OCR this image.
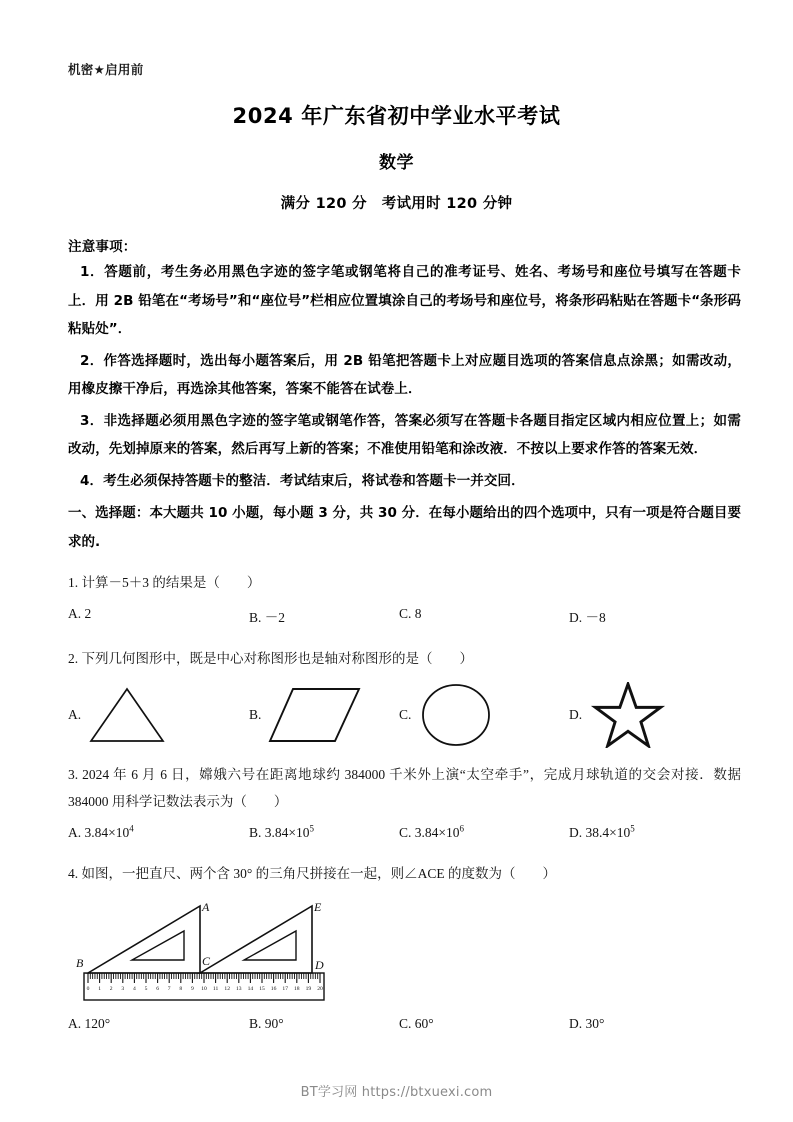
机密★启用前
2024 年广东省初中学业水平考试
数学
满分 120 分　考试用时 120 分钟
注意事项：
1．答题前，考生务必用黑色字迹的签字笔或钢笔将自己的准考证号、姓名、考场号和座位号填写在答题卡上．用 2B 铅笔在“考场号”和“座位号”栏相应位置填涂自己的考场号和座位号，将条形码粘贴在答题卡“条形码粘贴处”．
2．作答选择题时，选出每小题答案后，用 2B 铅笔把答题卡上对应题目选项的答案信息点涂黑；如需改动，用橡皮擦干净后，再选涂其他答案，答案不能答在试卷上．
3．非选择题必须用黑色字迹的签字笔或钢笔作答，答案必须写在答题卡各题目指定区域内相应位置上；如需改动，先划掉原来的答案，然后再写上新的答案；不准使用铅笔和涂改液．不按以上要求作答的答案无效．
4．考生必须保持答题卡的整洁．考试结束后，将试卷和答题卡一并交回．
一、选择题：本大题共 10 小题，每小题 3 分，共 30 分．在每小题给出的四个选项中，只有一项是符合题目要求的.
1. 计算－5＋3 的结果是（　　）
A. 2	B. －2	C. 8	D. －8
2. 下列几何图形中，既是中心对称图形也是轴对称图形的是（　　）
A.	B.	C.	D.
3. 2024 年 6 月 6 日，嫦娥六号在距离地球约 384000 千米外上演“太空牵手”，完成月球轨道的交会对接．数据 384000 用科学记数法表示为（　　）
A. $3.84\times 10^4$	B. $3.84\times 10^5$	C. $3.84\times 10^6$	D. $38.4\times 10^5$
4. 如图，一把直尺、两个含 30° 的三角尺拼接在一起，则∠ACE 的度数为（　　）
A
B	C	D
E
0 1 2 3 4 5 6 7 8 9 10 11 12 13 14 15 16 17 18 19 20
A. 120°	B. 90°	C. 60°	D. 30°
BT学习网 https://btxuexi.com
